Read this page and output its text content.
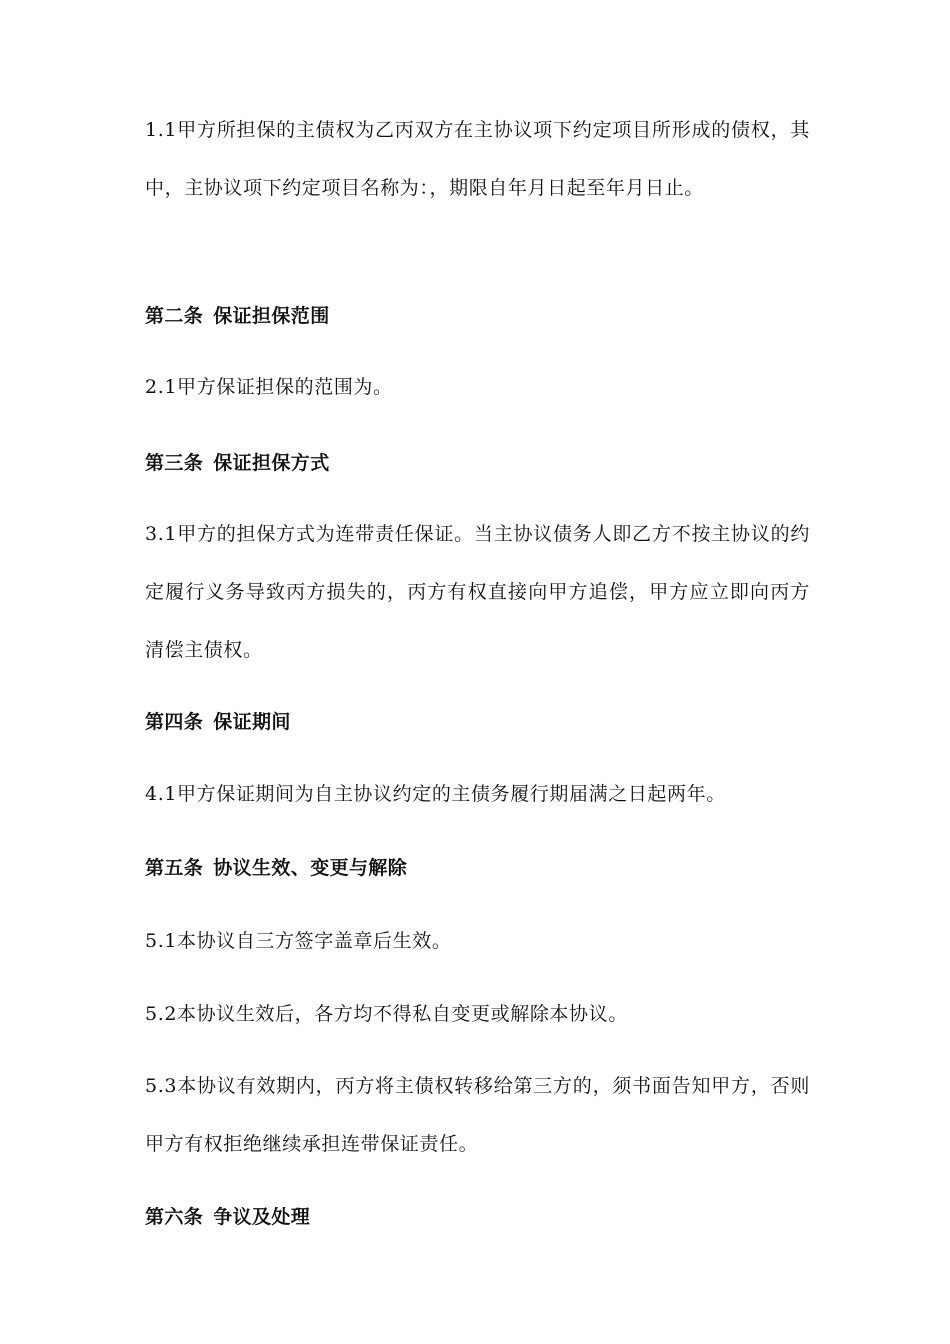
1.1甲方所担保的主债权为乙丙双方在主协议项下约定项目所形成的债权，其中，主协议项下约定项目名称为：，期限自年月日起至年月日止。

第二条 保证担保范围

2.1甲方保证担保的范围为。

第三条 保证担保方式

3.1甲方的担保方式为连带责任保证。当主协议债务人即乙方不按主协议的约定履行义务导致丙方损失的，丙方有权直接向甲方追偿，甲方应立即向丙方清偿主债权。

第四条 保证期间

4.1甲方保证期间为自主协议约定的主债务履行期届满之日起两年。

第五条 协议生效、变更与解除

5.1本协议自三方签字盖章后生效。

5.2本协议生效后，各方均不得私自变更或解除本协议。

5.3本协议有效期内，丙方将主债权转移给第三方的，须书面告知甲方，否则甲方有权拒绝继续承担连带保证责任。

第六条 争议及处理
